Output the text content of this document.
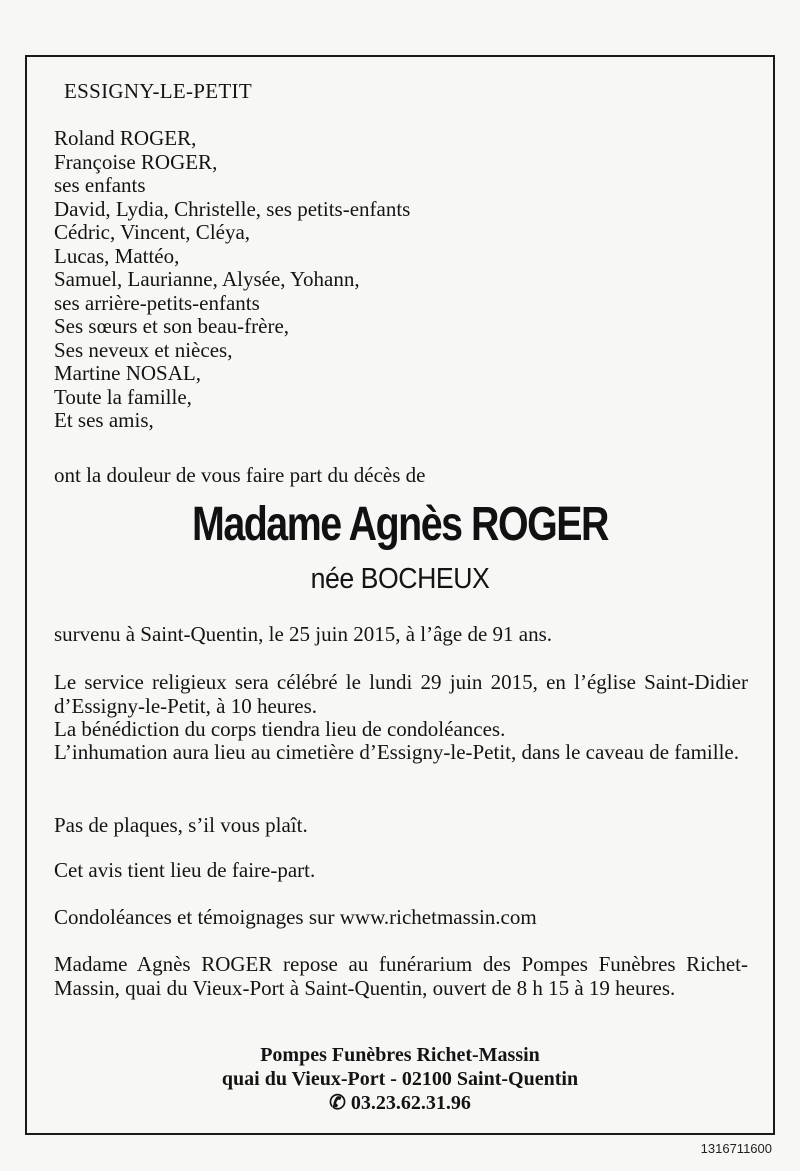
ESSIGNY-LE-PETIT
Roland ROGER,
Françoise ROGER,
ses enfants
David, Lydia, Christelle, ses petits-enfants
Cédric, Vincent, Cléya,
Lucas, Mattéo,
Samuel, Laurianne, Alysée, Yohann,
ses arrière-petits-enfants
Ses sœurs et son beau-frère,
Ses neveux et nièces,
Martine NOSAL,
Toute la famille,
Et ses amis,
ont la douleur de vous faire part du décès de
Madame Agnès ROGER
née BOCHEUX

survenu à Saint-Quentin, le 25 juin 2015, à l’âge de 91 ans.

Le service religieux sera célébré le lundi 29 juin 2015, en l’église Saint-Didier d’Essigny-le-Petit, à 10 heures.

La bénédiction du corps tiendra lieu de condoléances.

L’inhumation aura lieu au cimetière d’Essigny-le-Petit, dans le caveau de famille.

Pas de plaques, s’il vous plaît.

Cet avis tient lieu de faire-part.

Condoléances et témoignages sur www.richetmassin.com

Madame Agnès ROGER repose au funérarium des Pompes Funèbres Richet-Massin, quai du Vieux-Port à Saint-Quentin, ouvert de 8 h 15 à 19 heures.

Pompes Funèbres Richet-Massin
quai du Vieux-Port - 02100 Saint-Quentin
✆ 03.23.62.31.96
1316711600
